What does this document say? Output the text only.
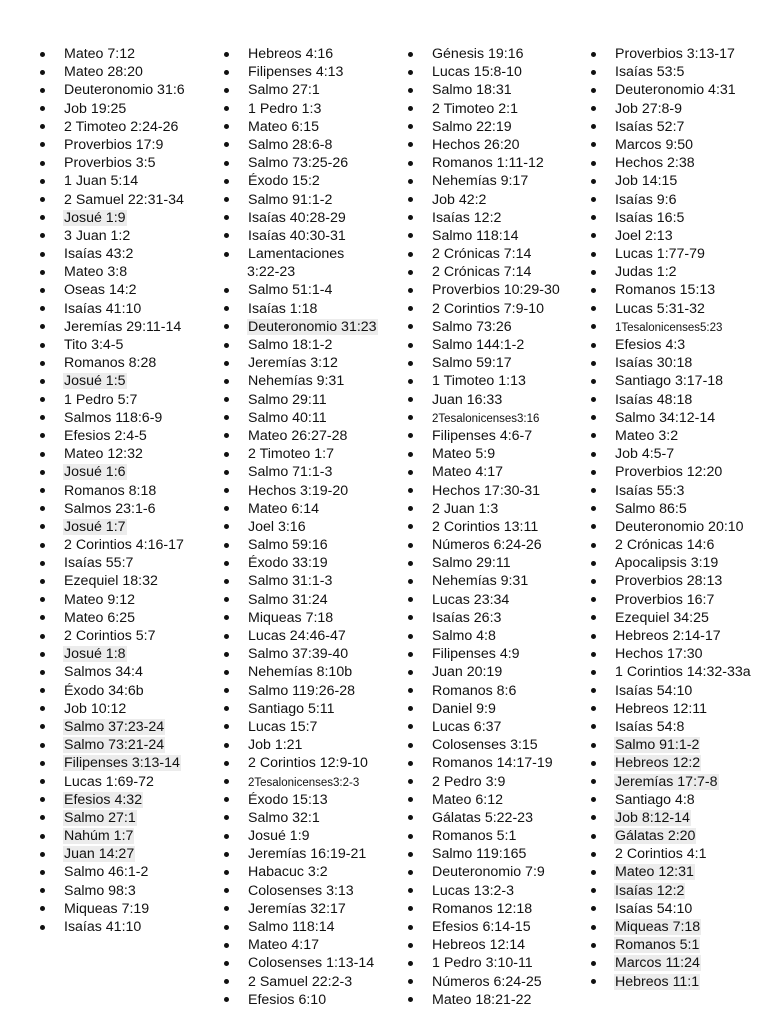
Mateo 7:12
Mateo 28:20
Deuteronomio 31:6
Job 19:25
2 Timoteo 2:24-26
Proverbios 17:9
Proverbios 3:5
1 Juan 5:14
2 Samuel 22:31-34
Josué 1:9
3 Juan 1:2
Isaías 43:2
Mateo 3:8
Oseas 14:2
Isaías 41:10
Jeremías 29:11-14
Tito 3:4-5
Romanos 8:28
Josué 1:5
1 Pedro 5:7
Salmos 118:6-9
Efesios 2:4-5
Mateo 12:32
Josué 1:6
Romanos 8:18
Salmos 23:1-6
Josué 1:7
2 Corintios 4:16-17
Isaías 55:7
Ezequiel 18:32
Mateo 9:12
Mateo 6:25
2 Corintios 5:7
Josué 1:8
Salmos 34:4
Éxodo 34:6b
Job 10:12
Salmo 37:23-24
Salmo 73:21-24
Filipenses 3:13-14
Lucas 1:69-72
Efesios 4:32
Salmo 27:1
Nahúm 1:7
Juan 14:27
Salmo 46:1-2
Salmo 98:3
Miqueas 7:19
Isaías 41:10
Hebreos 4:16
Filipenses 4:13
Salmo 27:1
1 Pedro 1:3
Mateo 6:15
Salmo 28:6-8
Salmo 73:25-26
Éxodo 15:2
Salmo 91:1-2
Isaías 40:28-29
Isaías 40:30-31
Lamentaciones 3:22-23
Salmo 51:1-4
Isaías 1:18
Deuteronomio 31:23
Salmo 18:1-2
Jeremías 3:12
Nehemías 9:31
Salmo 29:11
Salmo 40:11
Mateo 26:27-28
2 Timoteo 1:7
Salmo 71:1-3
Hechos 3:19-20
Mateo 6:14
Joel 3:16
Salmo 59:16
Éxodo 33:19
Salmo 31:1-3
Salmo 31:24
Miqueas 7:18
Lucas 24:46-47
Salmo 37:39-40
Nehemías 8:10b
Salmo 119:26-28
Santiago 5:11
Lucas 15:7
Job 1:21
2 Corintios 12:9-10
2Tesalonicenses3:2-3
Éxodo 15:13
Salmo 32:1
Josué 1:9
Jeremías 16:19-21
Habacuc 3:2
Colosenses 3:13
Jeremías 32:17
Salmo 118:14
Mateo 4:17
Colosenses 1:13-14
2 Samuel 22:2-3
Efesios 6:10
Génesis 19:16
Lucas 15:8-10
Salmo 18:31
2 Timoteo 2:1
Salmo 22:19
Hechos 26:20
Romanos 1:11-12
Nehemías 9:17
Job 42:2
Isaías 12:2
Salmo 118:14
2 Crónicas 7:14
2 Crónicas 7:14
Proverbios 10:29-30
2 Corintios 7:9-10
Salmo 73:26
Salmo 144:1-2
Salmo 59:17
1 Timoteo 1:13
Juan 16:33
2Tesalonicenses3:16
Filipenses 4:6-7
Mateo 5:9
Mateo 4:17
Hechos 17:30-31
2 Juan 1:3
2 Corintios 13:11
Números 6:24-26
Salmo 29:11
Nehemías 9:31
Lucas 23:34
Isaías 26:3
Salmo 4:8
Filipenses 4:9
Juan 20:19
Romanos 8:6
Daniel 9:9
Lucas 6:37
Colosenses 3:15
Romanos 14:17-19
2 Pedro 3:9
Mateo 6:12
Gálatas 5:22-23
Romanos 5:1
Salmo 119:165
Deuteronomio 7:9
Lucas 13:2-3
Romanos 12:18
Efesios 6:14-15
Hebreos 12:14
1 Pedro 3:10-11
Números 6:24-25
Mateo 18:21-22
Proverbios 3:13-17
Isaías 53:5
Deuteronomio 4:31
Job 27:8-9
Isaías 52:7
Marcos 9:50
Hechos 2:38
Job 14:15
Isaías 9:6
Isaías 16:5
Joel 2:13
Lucas 1:77-79
Judas 1:2
Romanos 15:13
Lucas 5:31-32
1Tesalonicenses5:23
Efesios 4:3
Isaías 30:18
Santiago 3:17-18
Isaías 48:18
Salmo 34:12-14
Mateo 3:2
Job 4:5-7
Proverbios 12:20
Isaías 55:3
Salmo 86:5
Deuteronomio 20:10
2 Crónicas 14:6
Apocalipsis 3:19
Proverbios 28:13
Proverbios 16:7
Ezequiel 34:25
Hebreos 2:14-17
Hechos 17:30
1 Corintios 14:32-33a
Isaías 54:10
Hebreos 12:11
Isaías 54:8
Salmo 91:1-2
Hebreos 12:2
Jeremías 17:7-8
Santiago 4:8
Job 8:12-14
Gálatas 2:20
2 Corintios 4:1
Mateo 12:31
Isaías 12:2
Isaías 54:10
Miqueas 7:18
Romanos 5:1
Marcos 11:24
Hebreos 11:1
